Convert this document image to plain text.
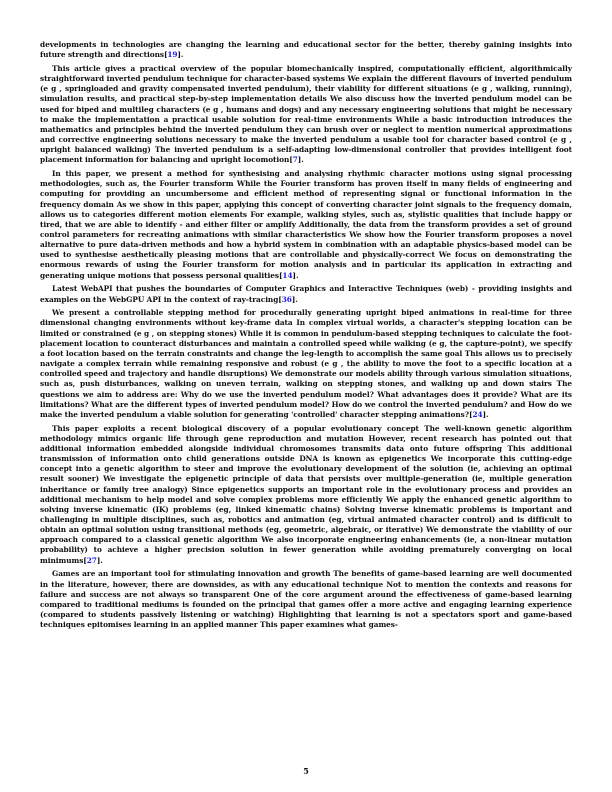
developments in technologies are changing the learning and educational sector for the better, thereby gaining insights into future strength and directions[19].

This article gives a practical overview of the popular biomechanically inspired, computationally efficient, algorithmically straightforward inverted pendulum technique for character-based systems We explain the different flavours of inverted pendulum (e g , springloaded and gravity compensated inverted pendulum), their viability for different situations (e g , walking, running), simulation results, and practical step-by-step implementation details We also discuss how the inverted pendulum model can be used for biped and multileg characters (e g , humans and dogs) and any necessary engineering solutions that might be necessary to make the implementation a practical usable solution for real-time environments While a basic introduction introduces the mathematics and principles behind the inverted pendulum they can brush over or neglect to mention numerical approximations and corrective engineering solutions necessary to make the inverted pendulum a usable tool for character based control (e g , upright balanced walking) The inverted pendulum is a self-adapting low-dimensional controller that provides intelligent foot placement information for balancing and upright locomotion[7].

In this paper, we present a method for synthesising and analysing rhythmic character motions using signal processing methodologies, such as, the Fourier transform While the Fourier transform has proven itself in many fields of engineering and computing for providing an uncumbersome and efficient method of representing signal or functional information in the frequency domain As we show in this paper, applying this concept of converting character joint signals to the frequency domain, allows us to categories different motion elements For example, walking styles, such as, stylistic qualities that include happy or tired, that we are able to identify - and either filter or amplify Additionally, the data from the transform provides a set of ground control parameters for recreating animations with similar characteristics We show how the Fourier transform proposes a novel alternative to pure data-driven methods and how a hybrid system in combination with an adaptable physics-based model can be used to synthesise aesthetically pleasing motions that are controllable and physically-correct We focus on demonstrating the enormous rewards of using the Fourier transform for motion analysis and in particular its application in extracting and generating unique motions that possess personal qualities[14].

Latest WebAPI that pushes the boundaries of Computer Graphics and Interactive Techniques (web) - providing insights and examples on the WebGPU API in the context of ray-tracing[36].

We present a controllable stepping method for procedurally generating upright biped animations in real-time for three dimensional changing environments without key-frame data In complex virtual worlds, a character's stepping location can be limited or constrained (e g , on stepping stones) While it is common in pendulum-based stepping techniques to calculate the foot-placement location to counteract disturbances and maintain a controlled speed while walking (e g, the capture-point), we specify a foot location based on the terrain constraints and change the leg-length to accomplish the same goal This allows us to precisely navigate a complex terrain while remaining responsive and robust (e g , the ability to move the foot to a specific location at a controlled speed and trajectory and handle disruptions) We demonstrate our models ability through various simulation situations, such as, push disturbances, walking on uneven terrain, walking on stepping stones, and walking up and down stairs The questions we aim to address are: Why do we use the inverted pendulum model? What advantages does it provide? What are its limitations? What are the different types of inverted pendulum model? How do we control the inverted pendulum? and How do we make the inverted pendulum a viable solution for generating 'controlled' character stepping animations?[24].

This paper exploits a recent biological discovery of a popular evolutionary concept The well-known genetic algorithm methodology mimics organic life through gene reproduction and mutation However, recent research has pointed out that additional information embedded alongside individual chromosomes transmits data onto future offspring This additional transmission of information onto child generations outside DNA is known as epigenetics We incorporate this cutting-edge concept into a genetic algorithm to steer and improve the evolutionary development of the solution (ie, achieving an optimal result sooner) We investigate the epigenetic principle of data that persists over multiple-generation (ie, multiple generation inheritance or family tree analogy) Since epigenetics supports an important role in the evolutionary process and provides an additional mechanism to help model and solve complex problems more efficiently We apply the enhanced genetic algorithm to solving inverse kinematic (IK) problems (eg, linked kinematic chains) Solving inverse kinematic problems is important and challenging in multiple disciplines, such as, robotics and animation (eg, virtual animated character control) and is difficult to obtain an optimal solution using transitional methods (eg, geometric, algebraic, or iterative) We demonstrate the viability of our approach compared to a classical genetic algorithm We also incorporate engineering enhancements (ie, a non-linear mutation probability) to achieve a higher precision solution in fewer generation while avoiding prematurely converging on local minimums[27].

Games are an important tool for stimulating innovation and growth The benefits of game-based learning are well documented in the literature, however, there are downsides, as with any educational technique Not to mention the contexts and reasons for failure and success are not always so transparent One of the core argument around the effectiveness of game-based learning compared to traditional mediums is founded on the principal that games offer a more active and engaging learning experience (compared to students passively listening or watching) Highlighting that learning is not a spectators sport and game-based techniques epitomises learning in an applied manner This paper examines what games-

5
